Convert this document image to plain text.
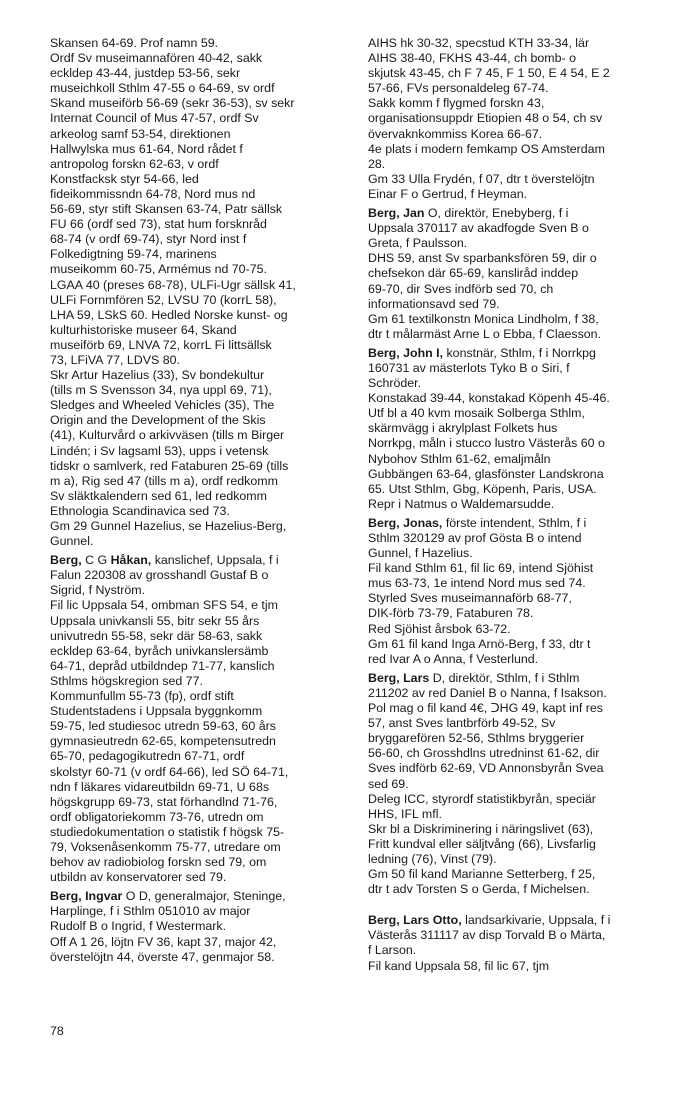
Skansen 64-69. Prof namn 59.
Ordf Sv museimannafören 40-42, sakk
eckldep 43-44, justdep 53-56, sekr
museichkoll Sthlm 47-55 o 64-69, sv ordf
Skand museiförb 56-69 (sekr 36-53), sv sekr
Internat Council of Mus 47-57, ordf Sv
arkeolog samf 53-54, direktionen
Hallwylska mus 61-64, Nord rådet f
antropolog forskn 62-63, v ordf
Konstfacksk styr 54-66, led
fideikommissndn 64-78, Nord mus nd
56-69, styr stift Skansen 63-74, Patr sällsk
FU 66 (ordf sed 73), stat hum forsknråd
68-74 (v ordf 69-74), styr Nord inst f
Folkedigtning 59-74, marinens
museikomm 60-75, Armémus nd 70-75.
LGAA 40 (preses 68-78), ULFi-Ugr sällsk 41,
ULFi Fornmfören 52, LVSU 70 (korrL 58),
LHA 59, LSkS 60. Hedled Norske kunst- og
kulturhistoriske museer 64, Skand
museiförb 69, LNVA 72, korrL Fi littsällsk
73, LFiVA 77, LDVS 80.
Skr Artur Hazelius (33), Sv bondekultur
(tills m S Svensson 34, nya uppl 69, 71),
Sledges and Wheeled Vehicles (35), The
Origin and the Development of the Skis
(41), Kulturvård o arkivväsen (tills m Birger
Lindén; i Sv lagsaml 53), upps i vetensk
tidskr o samlverk, red Fataburen 25-69 (tills
m a), Rig sed 47 (tills m a), ordf redkomm
Sv släktkalendern sed 61, led redkomm
Ethnologia Scandinavica sed 73.
Gm 29 Gunnel Hazelius, se Hazelius-Berg,
Gunnel.
Berg, C G Håkan, kanslichef, Uppsala, f i
Falun 220308 av grosshandl Gustaf B o
Sigrid, f Nyström.
Fil lic Uppsala 54, ombman SFS 54, e tjm
Uppsala univkansli 55, bitr sekr 55 års
univutredn 55-58, sekr där 58-63, sakk
eckldep 63-64, byråch univkanslersämb
64-71, depråd utbildndep 71-77, kanslich
Sthlms högskregion sed 77.
Kommunfullm 55-73 (fp), ordf stift
Studentstadens i Uppsala byggnkomm
59-75, led studiesoc utredn 59-63, 60 års
gymnasieutredn 62-65, kompetensutredn
65-70, pedagogikutredn 67-71, ordf
skolstyr 60-71 (v ordf 64-66), led SÖ 64-71,
ndn f läkares vidareutbildn 69-71, U 68s
högskgrupp 69-73, stat förhandlnd 71-76,
ordf obligatoriekomm 73-76, utredn om
studiedokumentation o statistik f högsk 75-
79, Voksenåsenkomm 75-77, utredare om
behov av radiobiolog forskn sed 79, om
utbildn av konservatorer sed 79.
Berg, Ingvar O D, generalmajor, Steninge,
Harplinge, f i Sthlm 051010 av major
Rudolf B o Ingrid, f Westermark.
Off A 1 26, löjtn FV 36, kapt 37, major 42,
överstelöjtn 44, överste 47, genmajor 58.
AIHS hk 30-32, specstud KTH 33-34, lär
AIHS 38-40, FKHS 43-44, ch bomb- o
skjutsk 43-45, ch F 7 45, F 1 50, E 4 54, E 2
57-66, FVs personaldeleg 67-74.
Sakk komm f flygmed forskn 43,
organisationsuppdr Etiopien 48 o 54, ch sv
övervaknkommiss Korea 66-67.
4e plats i modern femkamp OS Amsterdam
28.
Gm 33 Ulla Frydén, f 07, dtr t överstelöjtn
Einar F o Gertrud, f Heyman.
Berg, Jan O, direktör, Enebyberg, f i
Uppsala 370117 av akadfogde Sven B o
Greta, f Paulsson.
DHS 59, anst Sv sparbanksfören 59, dir o
chefsekon där 65-69, kanslіråd inddep
69-70, dir Sves indförb sed 70, ch
informationsavd sed 79.
Gm 61 textilkonstn Monica Lindholm, f 38,
dtr t målarmäst Arne L o Ebba, f Claesson.
Berg, John I, konstnär, Sthlm, f i Norrkpg
160731 av mästerlots Tyko B o Siri, f
Schröder.
Konstakad 39-44, konstakad Köpenh 45-46.
Utf bl a 40 kvm mosaik Solberga Sthlm,
skärmvägg i akrylplast Folkets hus
Norrkpg, måln i stucco lustro Västerås 60 o
Nybohov Sthlm 61-62, emaljmåln
Gubbängen 63-64, glasfönster Landskrona
65. Utst Sthlm, Gbg, Köpenh, Paris, USA.
Repr i Natmus o Waldemarsudde.
Berg, Jonas, förste intendent, Sthlm, f i
Sthlm 320129 av prof Gösta B o intend
Gunnel, f Hazelius.
Fil kand Sthlm 61, fil lic 69, intend Sjöhist
mus 63-73, 1e intend Nord mus sed 74.
Styrled Sves museimannaförb 68-77,
DIK-förb 73-79, Fataburen 78.
Red Sjöhist årsbok 63-72.
Gm 61 fil kand Inga Arnö-Berg, f 33, dtr t
red Ivar A o Anna, f Vesterlund.
Berg, Lars D, direktör, Sthlm, f i Sthlm
211202 av red Daniel B o Nanna, f Isakson.
Pol mag o fil kand 4€, ᑐHG 49, kapt inf res
57, anst Sves lantbrförb 49-52, Sv
bryggarefören 52-56, Sthlms bryggerier
56-60, ch Grosshdlns utredninst 61-62, dir
Sves indförb 62-69, VD Annonsbyrån Svea
sed 69.
Deleg ICC, styrordf statistikbyrån, speciär
HHS, IFL mfl.
Skr bl a Diskriminering i näringslivet (63),
Fritt kundval eller säljtvång (66), Livsfarlig
ledning (76), Vinst (79).
Gm 50 fil kand Marianne Setterberg, f 25,
dtr t adv Torsten S o Gerda, f Michelsen.
Berg, Lars Otto, landsarkivarie, Uppsala, f i
Västerås 311117 av disp Torvald B o Märta,
f Larson.
Fil kand Uppsala 58, fil lic 67, tjm
78
